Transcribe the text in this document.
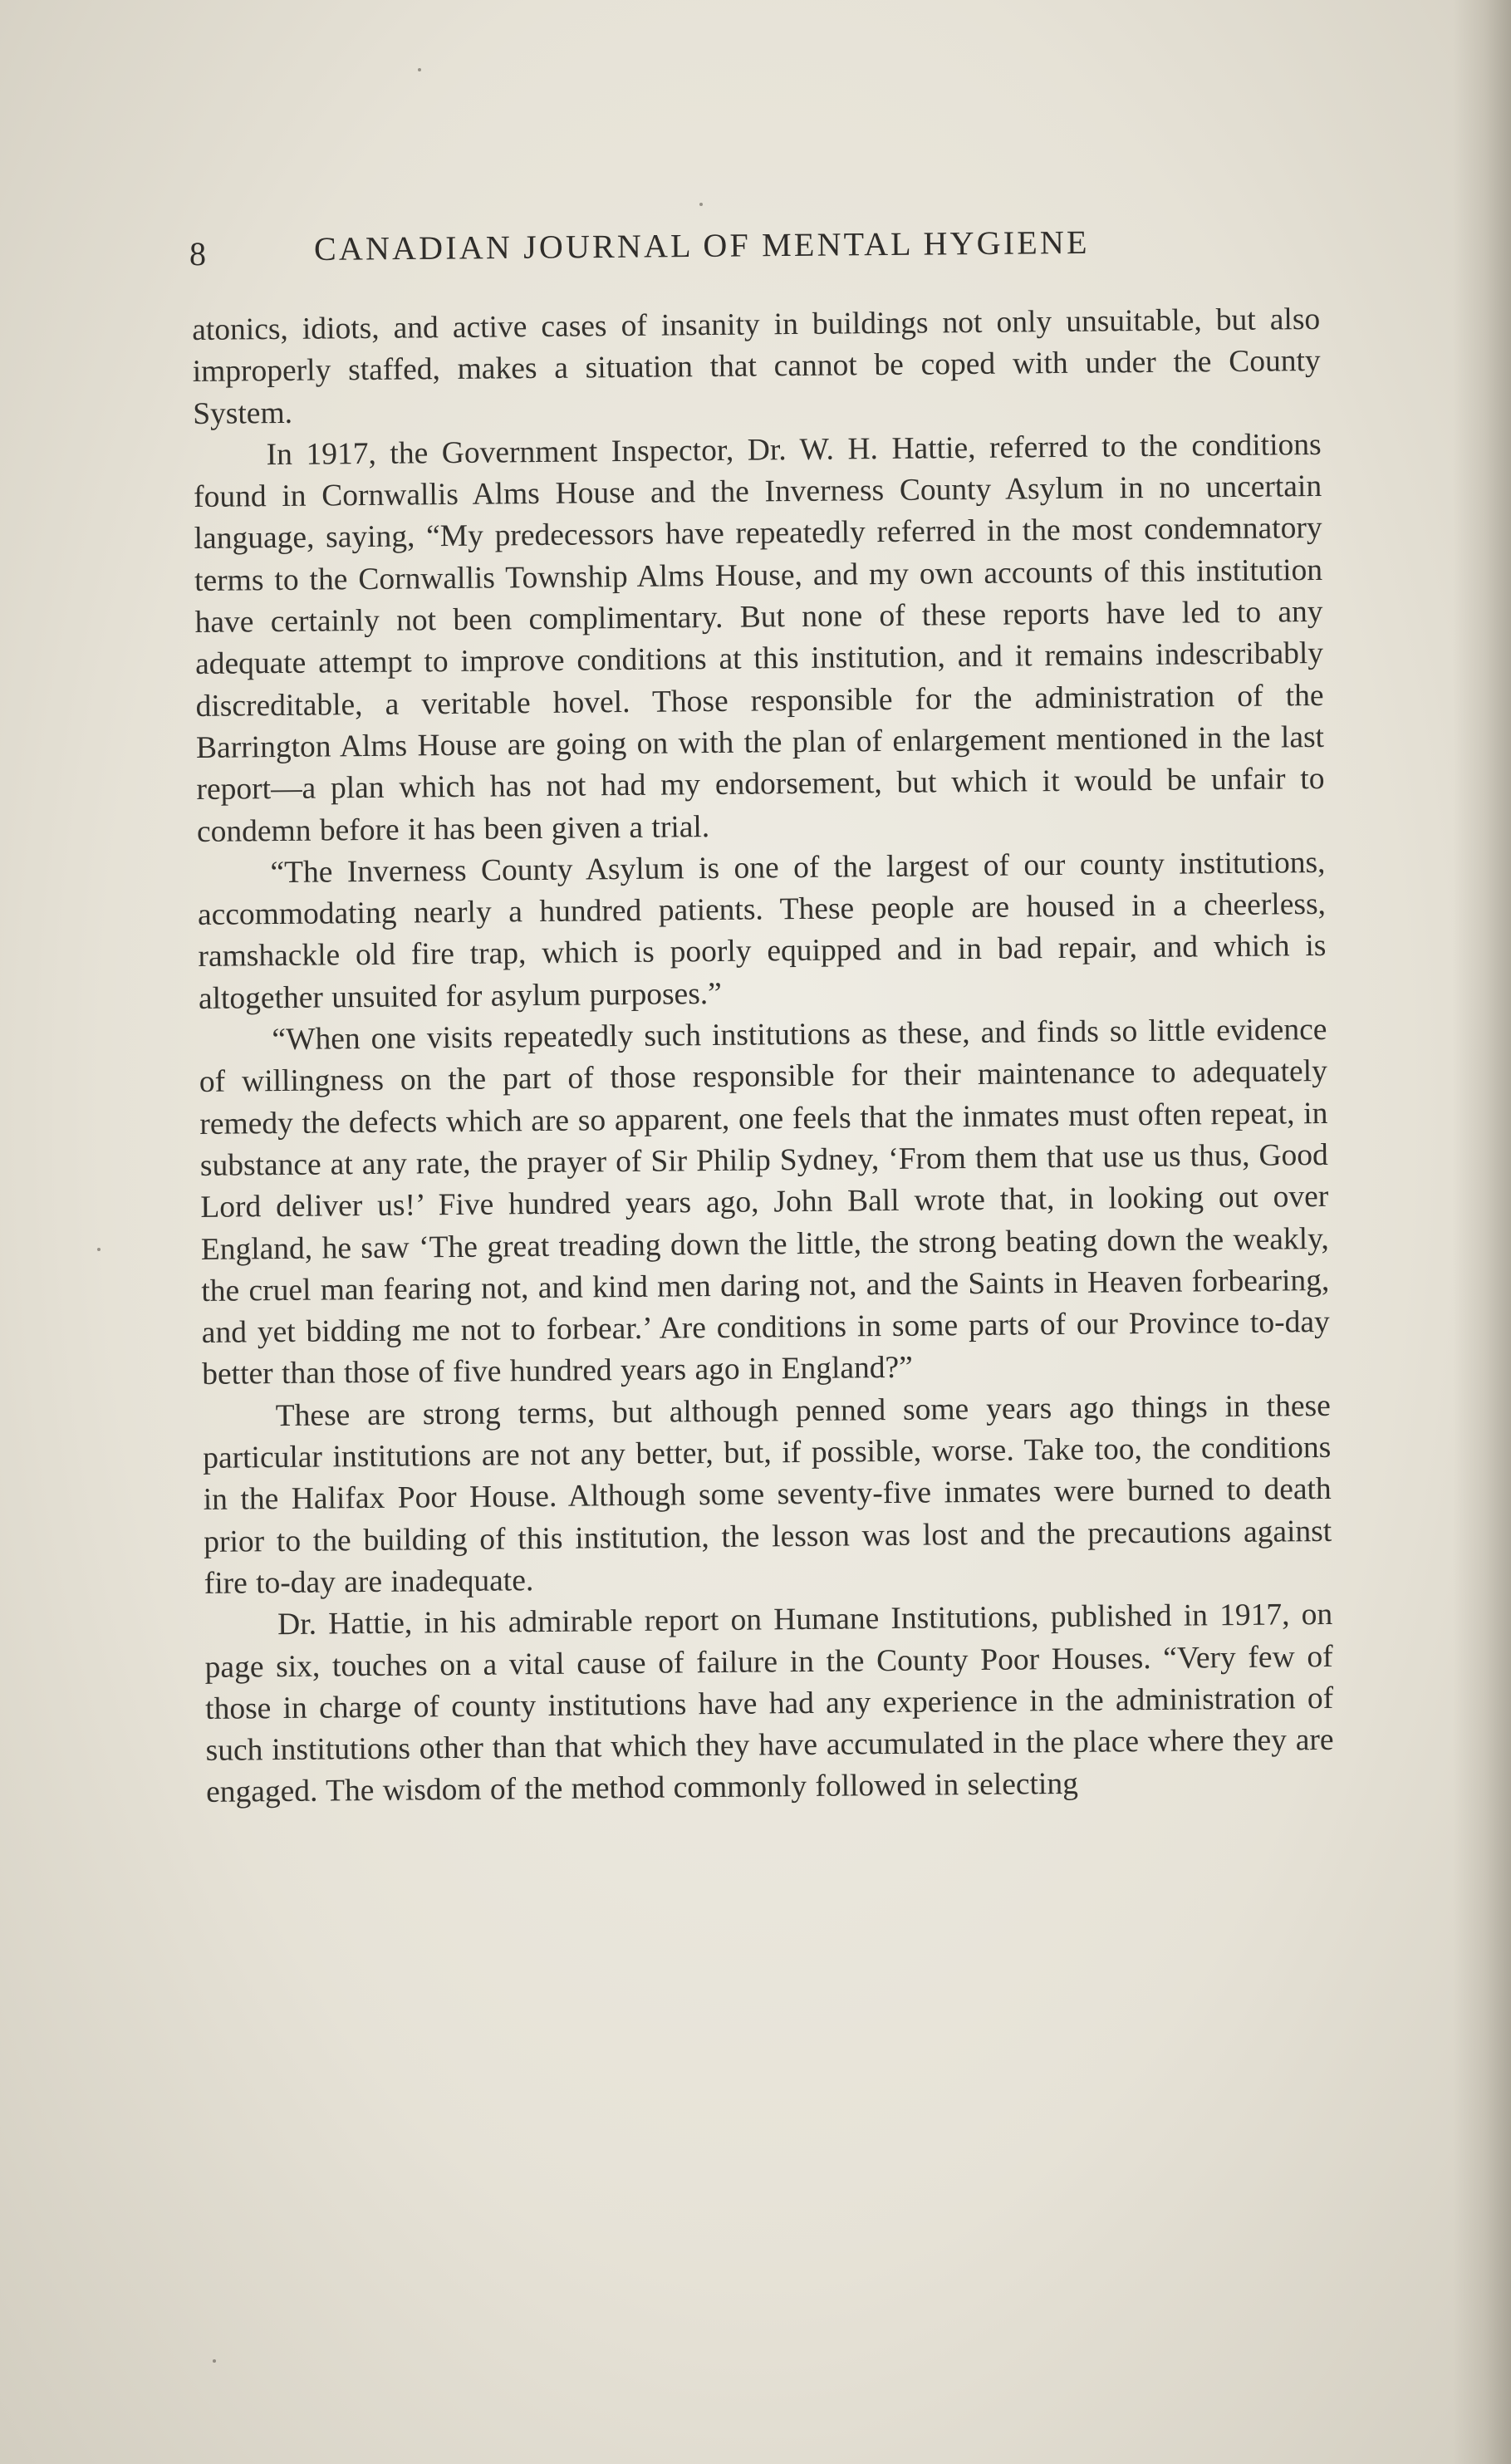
8	CANADIAN JOURNAL OF MENTAL HYGIENE

atonics, idiots, and active cases of insanity in buildings not only unsuitable, but also improperly staffed, makes a situation that cannot be coped with under the County System.

In 1917, the Government Inspector, Dr. W. H. Hattie, referred to the conditions found in Cornwallis Alms House and the Inverness County Asylum in no uncertain language, saying, “My predecessors have repeatedly referred in the most condemnatory terms to the Cornwallis Township Alms House, and my own accounts of this institution have certainly not been complimentary. But none of these reports have led to any adequate attempt to improve conditions at this institution, and it remains indescribably discreditable, a veritable hovel. Those responsible for the administration of the Barrington Alms House are going on with the plan of enlargement mentioned in the last report—a plan which has not had my endorsement, but which it would be unfair to condemn before it has been given a trial.

“The Inverness County Asylum is one of the largest of our county institutions, accommodating nearly a hundred patients. These people are housed in a cheerless, ramshackle old fire trap, which is poorly equipped and in bad repair, and which is altogether unsuited for asylum purposes.”

“When one visits repeatedly such institutions as these, and finds so little evidence of willingness on the part of those responsible for their maintenance to adequately remedy the defects which are so apparent, one feels that the inmates must often repeat, in substance at any rate, the prayer of Sir Philip Sydney, ‘From them that use us thus, Good Lord deliver us!’ Five hundred years ago, John Ball wrote that, in looking out over England, he saw ‘The great treading down the little, the strong beating down the weakly, the cruel man fearing not, and kind men daring not, and the Saints in Heaven forbearing, and yet bidding me not to forbear.’ Are conditions in some parts of our Province to-day better than those of five hundred years ago in England?”

These are strong terms, but although penned some years ago things in these particular institutions are not any better, but, if possible, worse. Take too, the conditions in the Halifax Poor House. Although some seventy-five inmates were burned to death prior to the building of this institution, the lesson was lost and the precautions against fire to-day are inadequate.

Dr. Hattie, in his admirable report on Humane Institutions, published in 1917, on page six, touches on a vital cause of failure in the County Poor Houses. “Very few of those in charge of county institutions have had any experience in the administration of such institutions other than that which they have accumulated in the place where they are engaged. The wisdom of the method commonly followed in selecting
